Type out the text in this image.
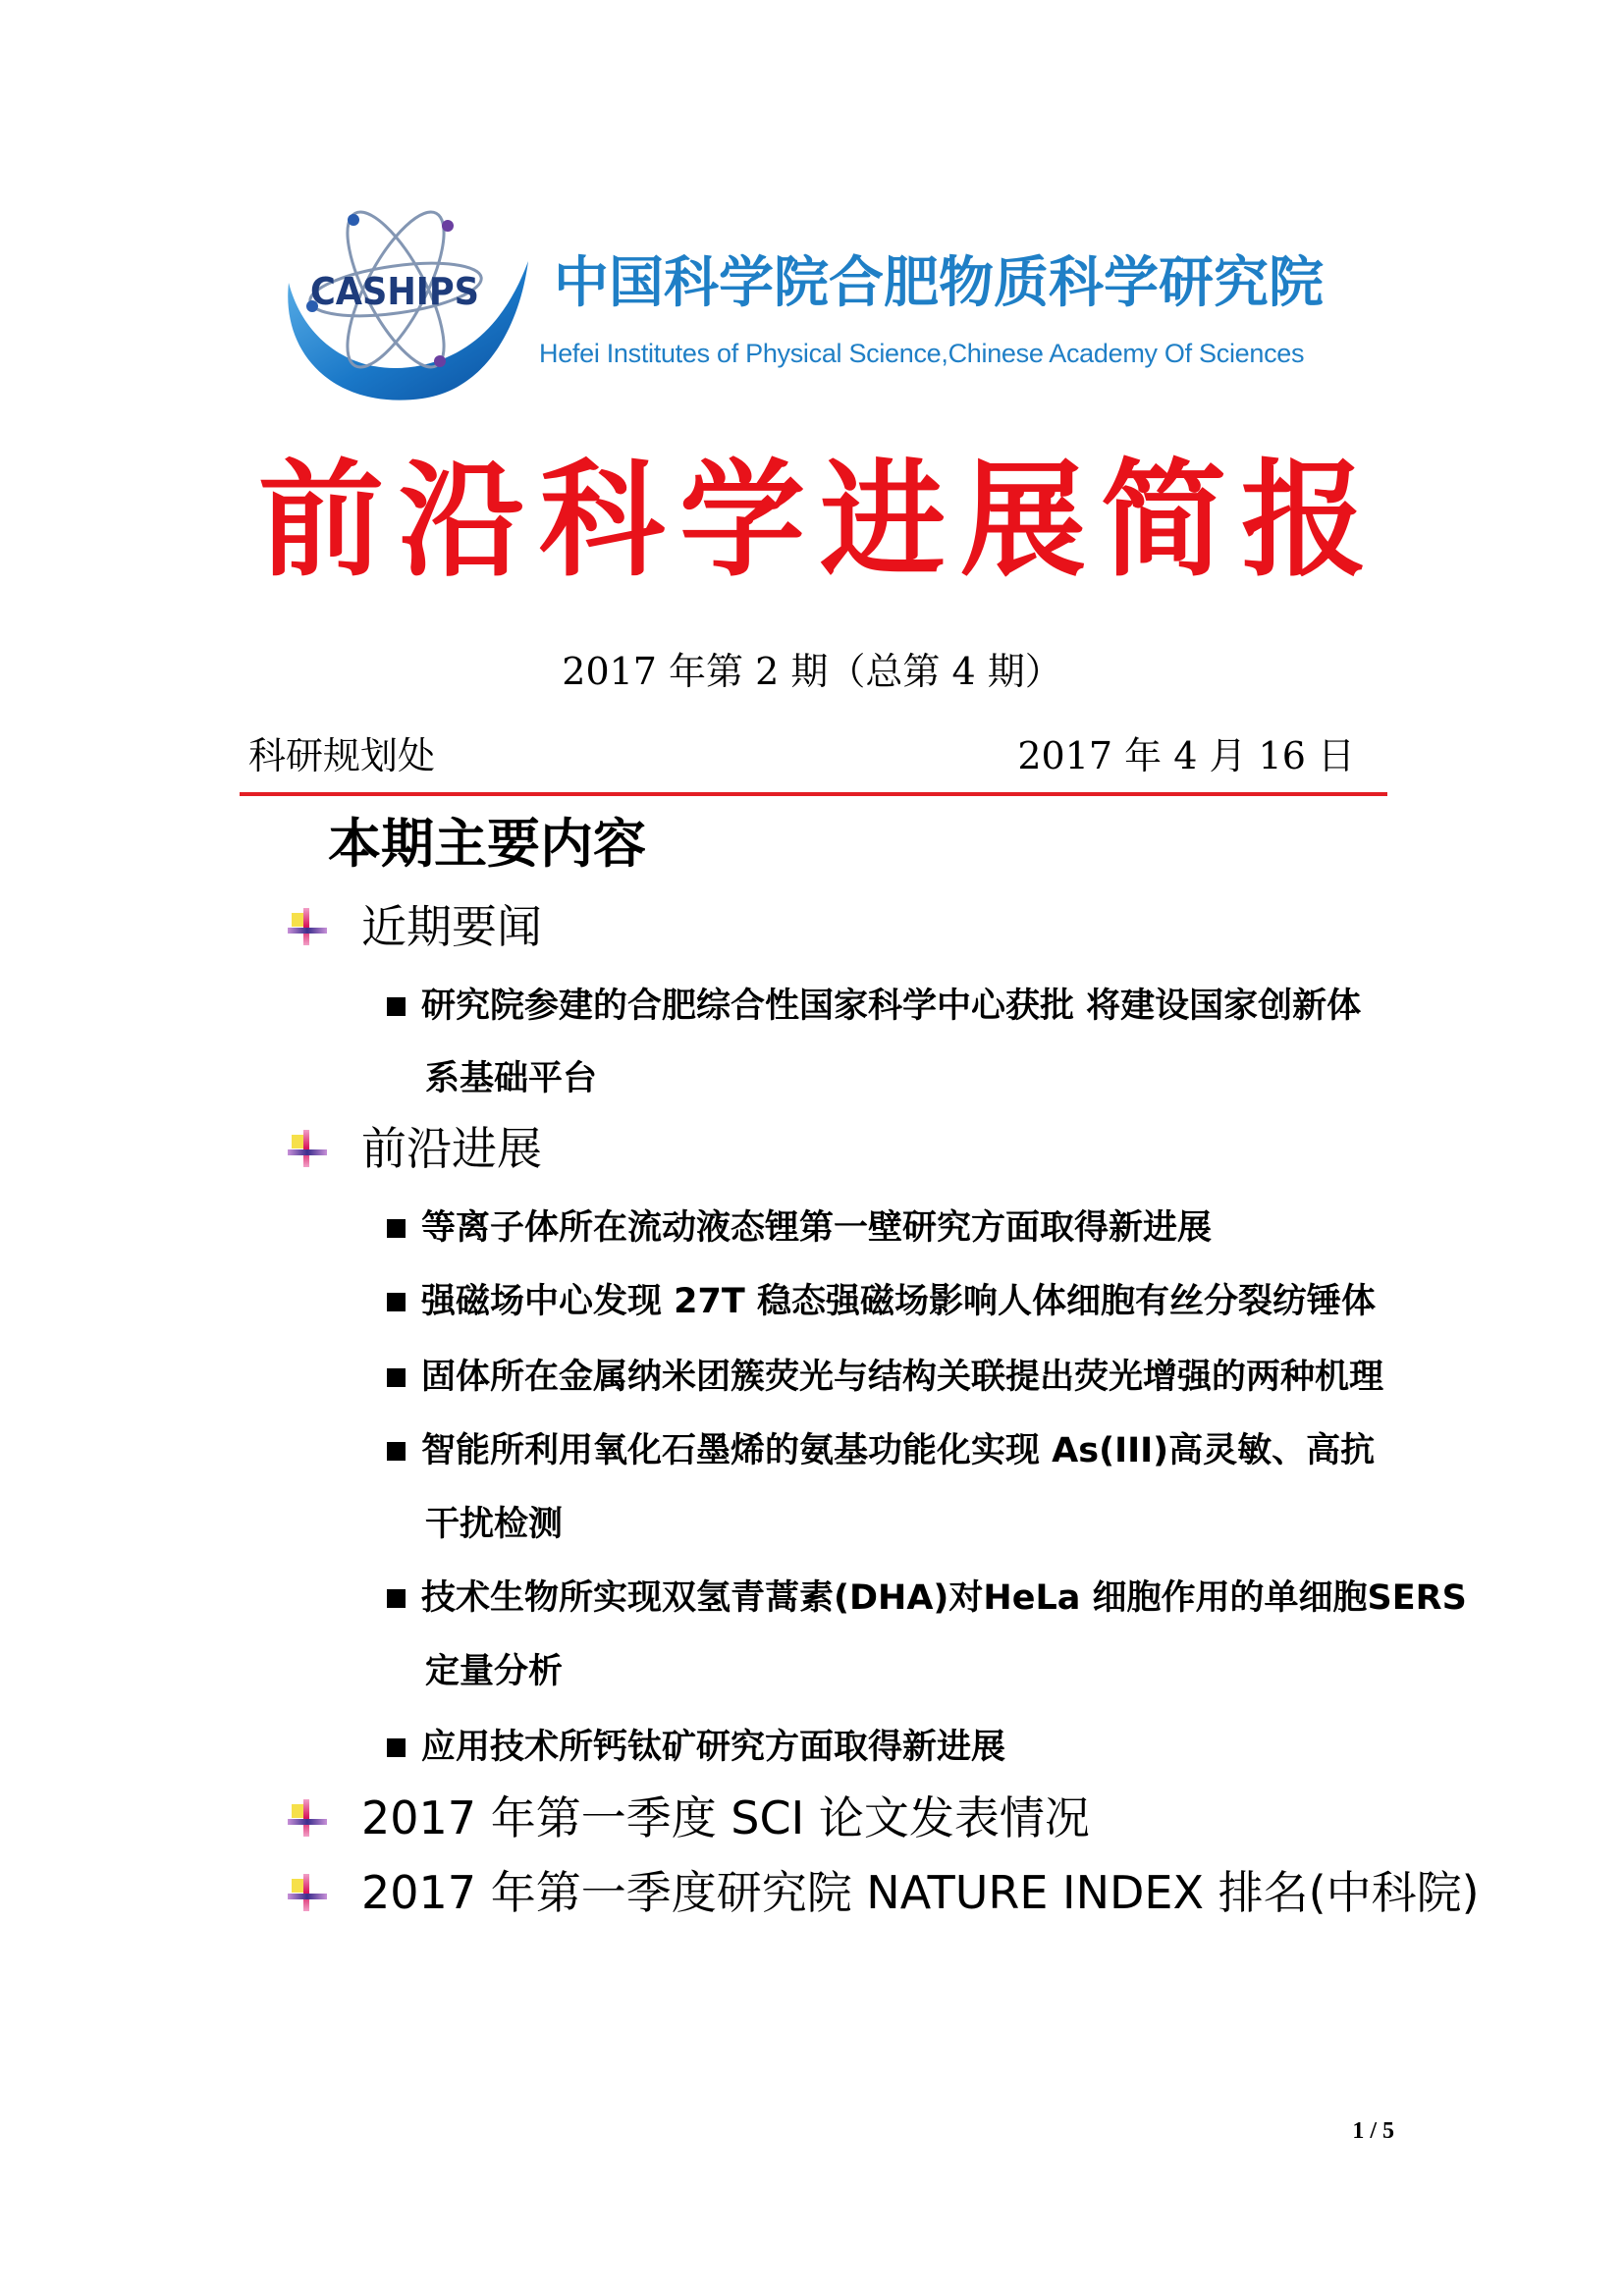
CASHIPS 中国科学院合肥物质科学研究院
Hefei Institutes of Physical Science,Chinese Academy Of Sciences
前沿科学进展简报
2017 年第 2 期（总第 4 期）
科研规划处	2017 年 4 月 16 日
本期主要内容
近期要闻
研究院参建的合肥综合性国家科学中心获批 将建设国家创新体
系基础平台
前沿进展
等离子体所在流动液态锂第一壁研究方面取得新进展
强磁场中心发现 27T 稳态强磁场影响人体细胞有丝分裂纺锤体
固体所在金属纳米团簇荧光与结构关联提出荧光增强的两种机理
智能所利用氧化石墨烯的氨基功能化实现 As(III)高灵敏、高抗
干扰检测
技术生物所实现双氢青蒿素(DHA)对HeLa 细胞作用的单细胞SERS
定量分析
应用技术所钙钛矿研究方面取得新进展
2017 年第一季度 SCI 论文发表情况
2017 年第一季度研究院 NATURE INDEX 排名(中科院)
1 / 5
